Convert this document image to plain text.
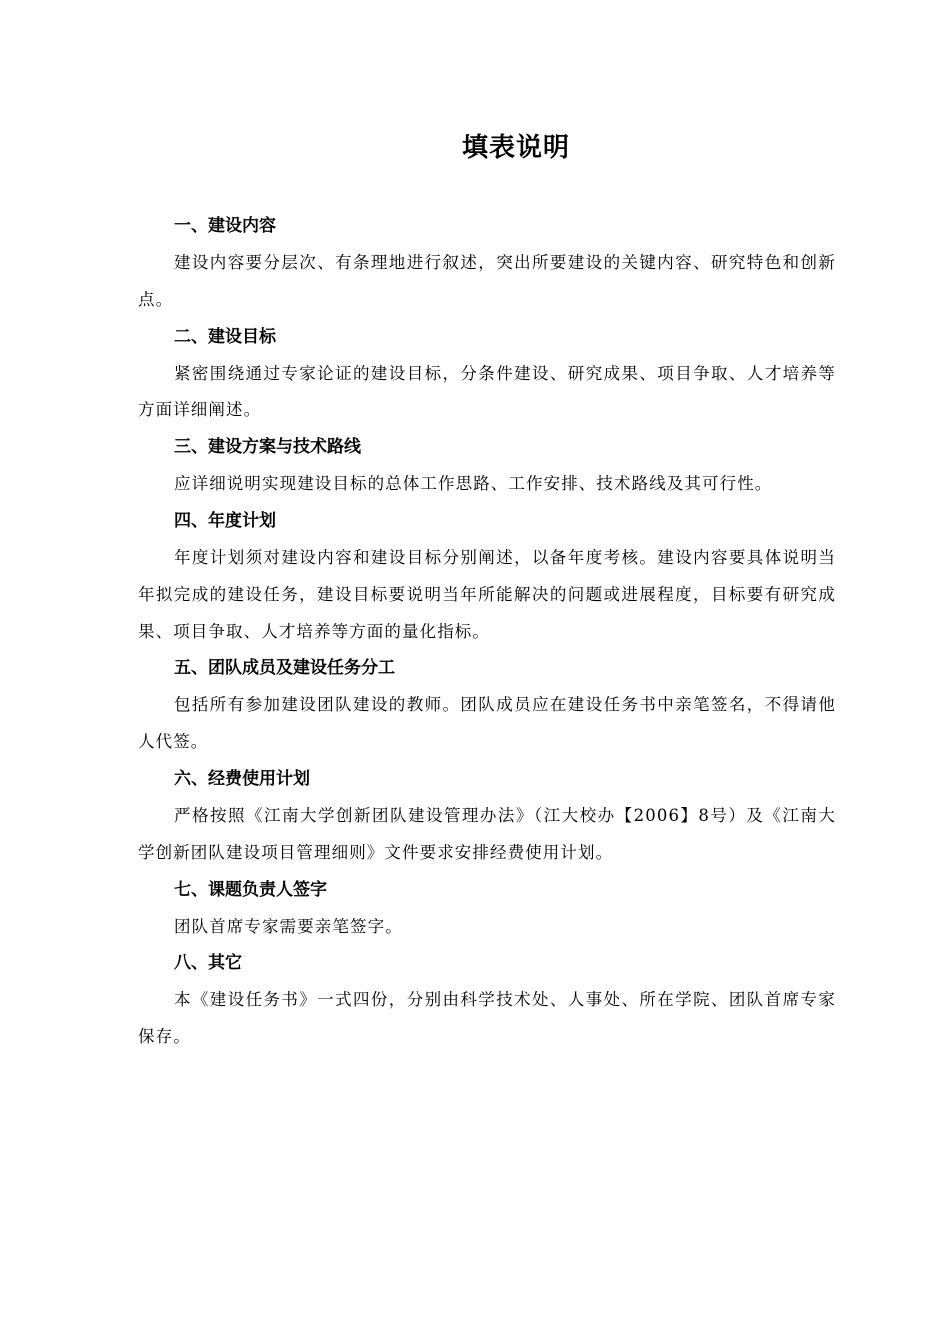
填表说明
一、建设内容

建设内容要分层次、有条理地进行叙述，突出所要建设的关键内容、研究特色和创新点。

二、建设目标

紧密围绕通过专家论证的建设目标，分条件建设、研究成果、项目争取、人才培养等方面详细阐述。

三、建设方案与技术路线

应详细说明实现建设目标的总体工作思路、工作安排、技术路线及其可行性。

四、年度计划

年度计划须对建设内容和建设目标分别阐述，以备年度考核。建设内容要具体说明当年拟完成的建设任务，建设目标要说明当年所能解决的问题或进展程度，目标要有研究成果、项目争取、人才培养等方面的量化指标。

五、团队成员及建设任务分工

包括所有参加建设团队建设的教师。团队成员应在建设任务书中亲笔签名，不得请他人代签。

六、经费使用计划

严格按照《江南大学创新团队建设管理办法》（江大校办【2006】8号）及《江南大学创新团队建设项目管理细则》文件要求安排经费使用计划。

七、课题负责人签字

团队首席专家需要亲笔签字。

八、其它

本《建设任务书》一式四份，分别由科学技术处、人事处、所在学院、团队首席专家保存。
